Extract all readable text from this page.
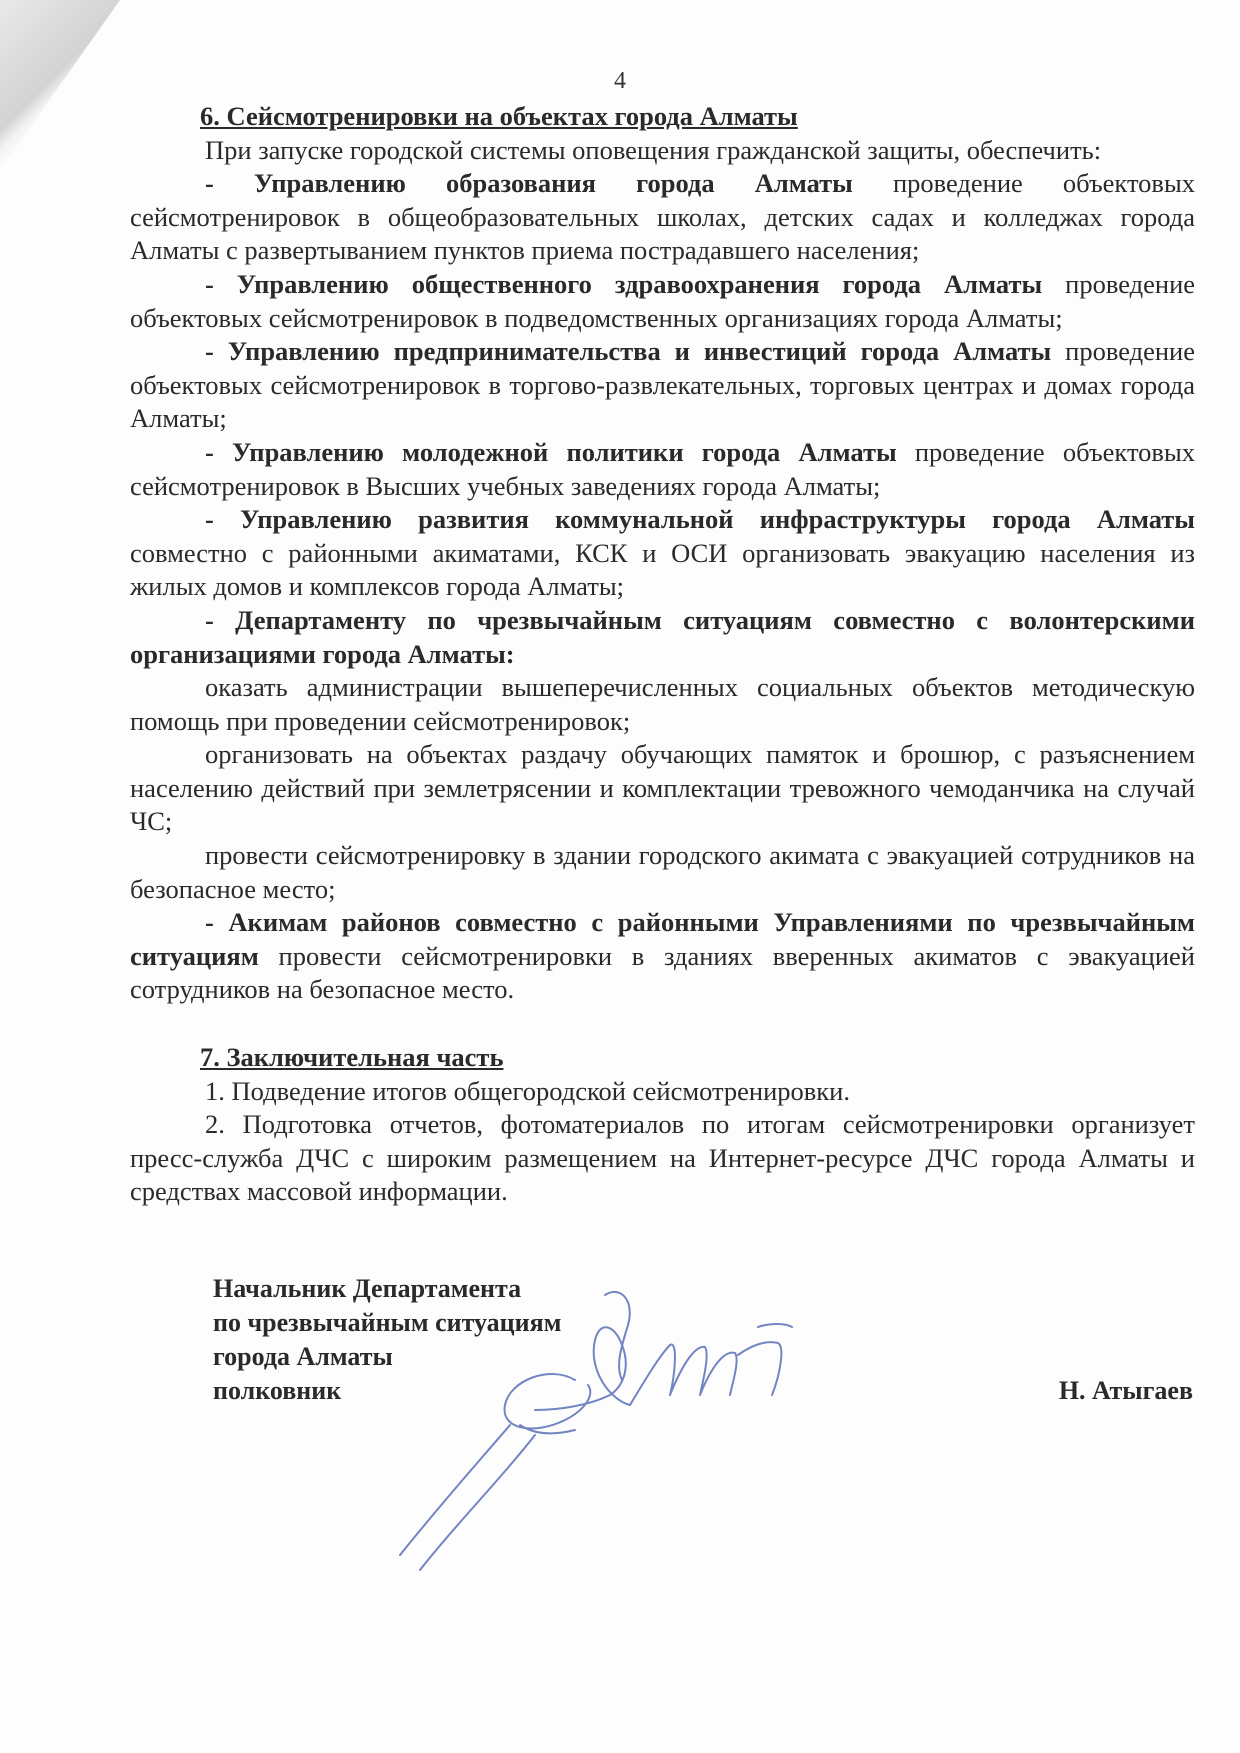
4

6. Сейсмотренировки на объектах города Алматы

При запуске городской системы оповещения гражданской защиты, обеспечить:

- Управлению образования города Алматы проведение объектовых сейсмотренировок в общеобразовательных школах, детских садах и колледжах города Алматы с развертыванием пунктов приема пострадавшего населения;

- Управлению общественного здравоохранения города Алматы проведение объектовых сейсмотренировок в подведомственных организациях города Алматы;

- Управлению предпринимательства и инвестиций города Алматы проведение объектовых сейсмотренировок в торгово-развлекательных, торговых центрах и домах города Алматы;

- Управлению молодежной политики города Алматы проведение объектовых сейсмотренировок в Высших учебных заведениях города Алматы;

- Управлению развития коммунальной инфраструктуры города Алматы совместно с районными акиматами, КСК и ОСИ организовать эвакуацию населения из жилых домов и комплексов города Алматы;

- Департаменту по чрезвычайным ситуациям совместно с волонтерскими организациями города Алматы:

оказать администрации вышеперечисленных социальных объектов методическую помощь при проведении сейсмотренировок;

организовать на объектах раздачу обучающих памяток и брошюр, с разъяснением населению действий при землетрясении и комплектации тревожного чемоданчика на случай ЧС;

провести сейсмотренировку в здании городского акимата с эвакуацией сотрудников на безопасное место;

- Акимам районов совместно с районными Управлениями по чрезвычайным ситуациям провести сейсмотренировки в зданиях вверенных акиматов с эвакуацией сотрудников на безопасное место.

7. Заключительная часть

1. Подведение итогов общегородской сейсмотренировки.

2. Подготовка отчетов, фотоматериалов по итогам сейсмотренировки организует пресс-служба ДЧС с широким размещением на Интернет-ресурсе ДЧС города Алматы и средствах массовой информации.

Начальник Департамента
по чрезвычайным ситуациям
города Алматы
полковник	Н. Атыгаев
